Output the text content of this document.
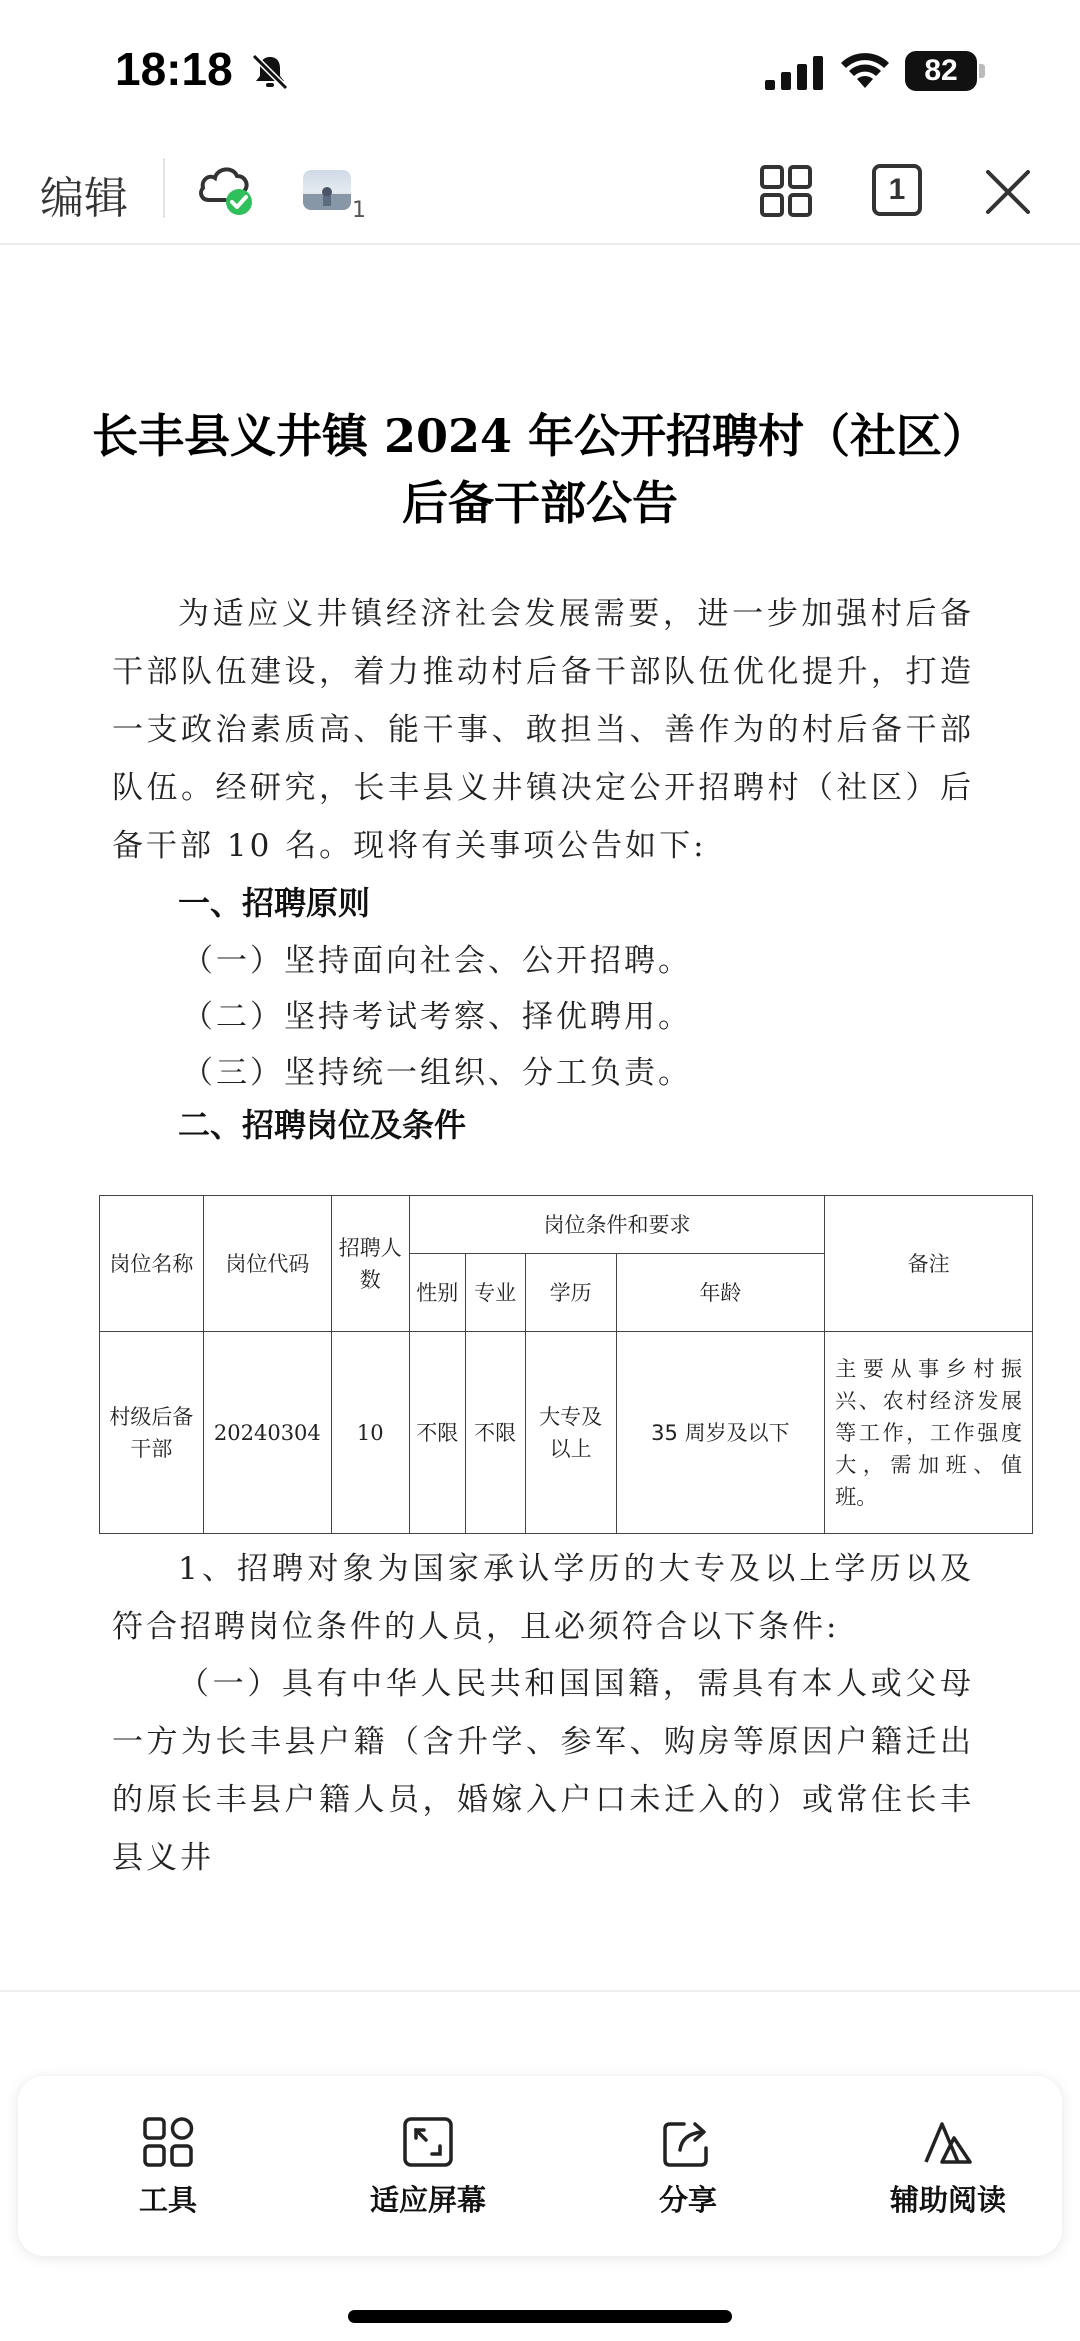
18:18	82
编辑	1
1
长丰县义井镇 2024 年公开招聘村（社区）
后备干部公告
为适应义井镇经济社会发展需要，进一步加强村后备干部队伍建设，着力推动村后备干部队伍优化提升，打造一支政治素质高、能干事、敢担当、善作为的村后备干部队伍。经研究，长丰县义井镇决定公开招聘村（社区）后备干部 10 名。现将有关事项公告如下:
一、招聘原则
（一）坚持面向社会、公开招聘。
（二）坚持考试考察、择优聘用。
（三）坚持统一组织、分工负责。
二、招聘岗位及条件
岗位名称	岗位代码	招聘人数	岗位条件和要求				备注
			性别	专业	学历	年龄	
村级后备干部	20240304	10	不限	不限	大专及以上	35 周岁及以下	主要从事乡村振兴、农村经济发展等工作，工作强度大，需加班、值班。
1、招聘对象为国家承认学历的大专及以上学历以及符合招聘岗位条件的人员，且必须符合以下条件:
（一）具有中华人民共和国国籍，需具有本人或父母一方为长丰县户籍（含升学、参军、购房等原因户籍迁出的原长丰县户籍人员，婚嫁入户口未迁入的）或常住长丰县义井
工具	适应屏幕	分享	辅助阅读
